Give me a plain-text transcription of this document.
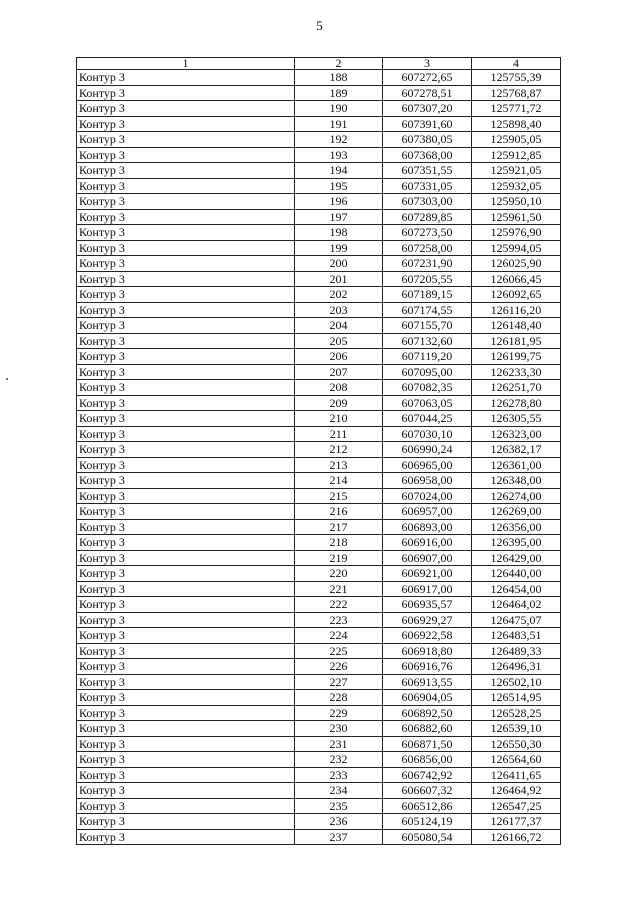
5
1	2	3	4
Контур 3	188	607272,65	125755,39
Контур 3	189	607278,51	125768,87
Контур 3	190	607307,20	125771,72
Контур 3	191	607391,60	125898,40
Контур 3	192	607380,05	125905,05
Контур 3	193	607368,00	125912,85
Контур 3	194	607351,55	125921,05
Контур 3	195	607331,05	125932,05
Контур 3	196	607303,00	125950,10
Контур 3	197	607289,85	125961,50
Контур 3	198	607273,50	125976,90
Контур 3	199	607258,00	125994,05
Контур 3	200	607231,90	126025,90
Контур 3	201	607205,55	126066,45
Контур 3	202	607189,15	126092,65
Контур 3	203	607174,55	126116,20
Контур 3	204	607155,70	126148,40
Контур 3	205	607132,60	126181,95
Контур 3	206	607119,20	126199,75
Контур 3	207	607095,00	126233,30
Контур 3	208	607082,35	126251,70
Контур 3	209	607063,05	126278,80
Контур 3	210	607044,25	126305,55
Контур 3	211	607030,10	126323,00
Контур 3	212	606990,24	126382,17
Контур 3	213	606965,00	126361,00
Контур 3	214	606958,00	126348,00
Контур 3	215	607024,00	126274,00
Контур 3	216	606957,00	126269,00
Контур 3	217	606893,00	126356,00
Контур 3	218	606916,00	126395,00
Контур 3	219	606907,00	126429,00
Контур 3	220	606921,00	126440,00
Контур 3	221	606917,00	126454,00
Контур 3	222	606935,57	126464,02
Контур 3	223	606929,27	126475,07
Контур 3	224	606922,58	126483,51
Контур 3	225	606918,80	126489,33
Контур 3	226	606916,76	126496,31
Контур 3	227	606913,55	126502,10
Контур 3	228	606904,05	126514,95
Контур 3	229	606892,50	126528,25
Контур 3	230	606882,60	126539,10
Контур 3	231	606871,50	126550,30
Контур 3	232	606856,00	126564,60
Контур 3	233	606742,92	126411,65
Контур 3	234	606607,32	126464,92
Контур 3	235	606512,86	126547,25
Контур 3	236	605124,19	126177,37
Контур 3	237	605080,54	126166,72
